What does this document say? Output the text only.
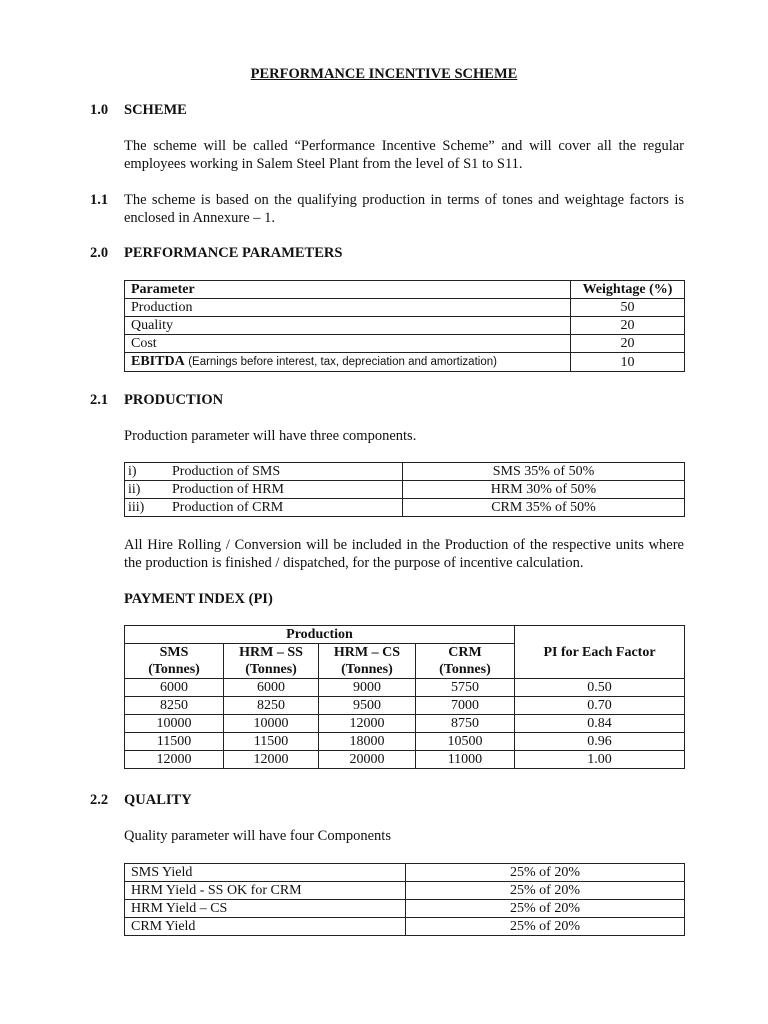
PERFORMANCE INCENTIVE SCHEME
1.0 SCHEME
The scheme will be called “Performance Incentive Scheme” and will cover all the regular employees working in Salem Steel Plant from the level of S1 to S11.
1.1 The scheme is based on the qualifying production in terms of tones and weightage factors is enclosed in Annexure – 1.
2.0 PERFORMANCE PARAMETERS
Parameter	Weightage (%)
Production	50
Quality	20
Cost	20
EBITDA (Earnings before interest, tax, depreciation and amortization)	10
2.1 PRODUCTION
Production parameter will have three components.
i) Production of SMS	SMS 35% of 50%
ii) Production of HRM	HRM 30% of 50%
iii) Production of CRM	CRM 35% of 50%
All Hire Rolling / Conversion will be included in the Production of the respective units where the production is finished / dispatched, for the purpose of incentive calculation.
PAYMENT INDEX (PI)
Production				PI for Each Factor
SMS	HRM – SS	HRM – CS	CRM	
(Tonnes)	(Tonnes)	(Tonnes)	(Tonnes)	
6000	6000	9000	5750	0.50
8250	8250	9500	7000	0.70
10000	10000	12000	8750	0.84
11500	11500	18000	10500	0.96
12000	12000	20000	11000	1.00
2.2 QUALITY
Quality parameter will have four Components
SMS Yield	25% of 20%
HRM Yield - SS OK for CRM	25% of 20%
HRM Yield – CS	25% of 20%
CRM Yield	25% of 20%
